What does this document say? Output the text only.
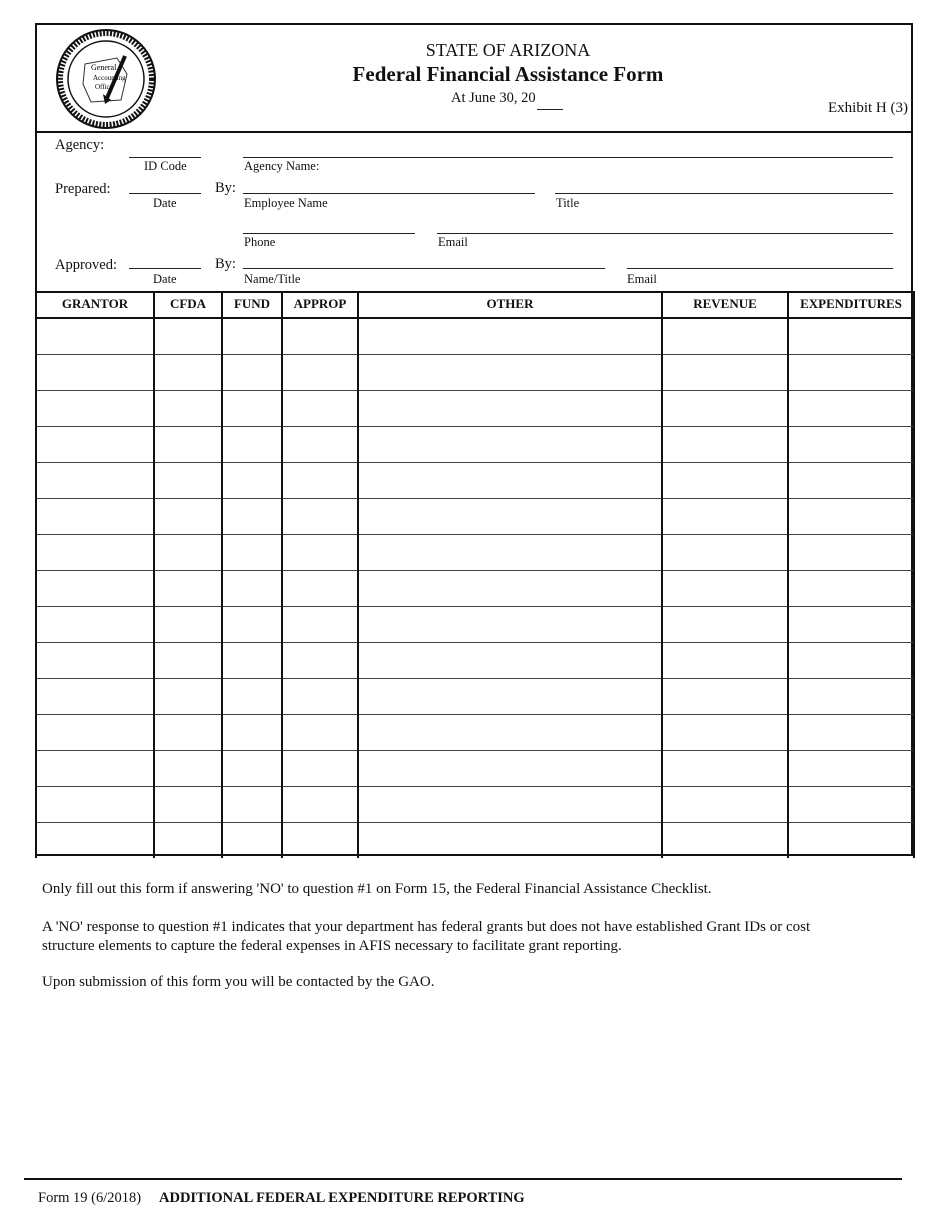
General
Accounting
Office
STATE OF ARIZONA
Federal Financial Assistance Form
At June 30, 20
Exhibit H (3)
Agency:
ID Code	Agency Name:
Prepared:
Date
By:
Employee Name	Title
Phone	Email
Approved:
Date
By:
Name/Title	Email
GRANTOR	CFDA	FUND	APPROP	OTHER	REVENUE	EXPENDITURES

Only fill out this form if answering 'NO' to question #1 on Form 15, the Federal Financial Assistance Checklist.
A 'NO' response to question #1 indicates that your department has federal grants but does not have established Grant IDs or cost structure elements to capture the federal expenses in AFIS necessary to facilitate grant reporting.
Upon submission of this form you will be contacted by the GAO.
Form 19 (6/2018) ADDITIONAL FEDERAL EXPENDITURE REPORTING
